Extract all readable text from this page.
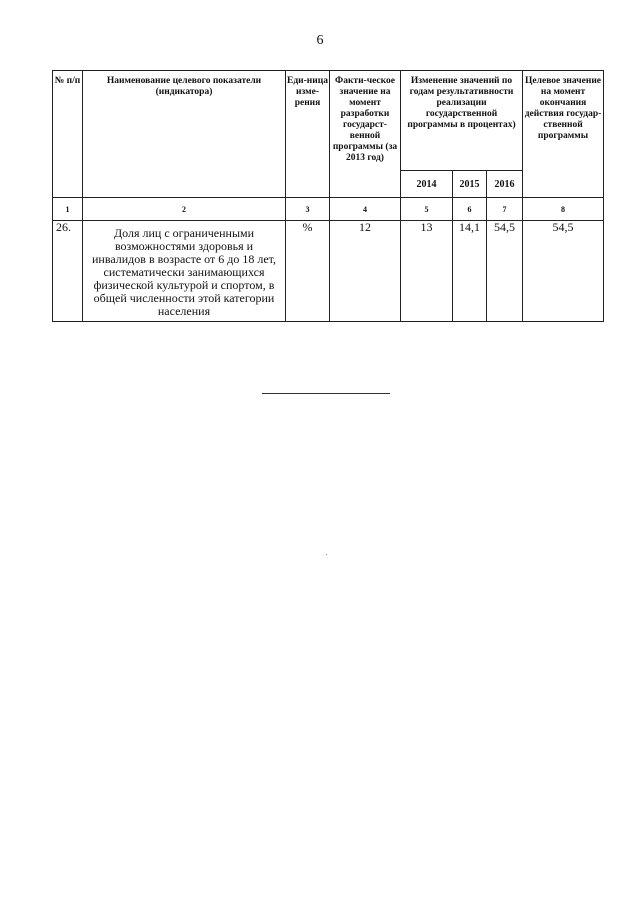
6
№ п/п	Наименование целевого показатели (индикатора)	Еди-ница изме-рения	Факти-ческое значение на момент разработки государст-венной программы (за 2013 год)	Изменение значений по годам результативности реализации государственной программы в процентах)			Целевое значение на момент окончания действия государ-ственной программы
				2014	2015	2016	
1	2	3	4	5	6	7	8
26.	Доля лиц с ограниченными возможностями здоровья и инвалидов в возрасте от 6 до 18 лет, систематически занимающихся физической культурой и спортом, в общей численности этой категории населения	%	12	13	14,1	54,5	54,5
